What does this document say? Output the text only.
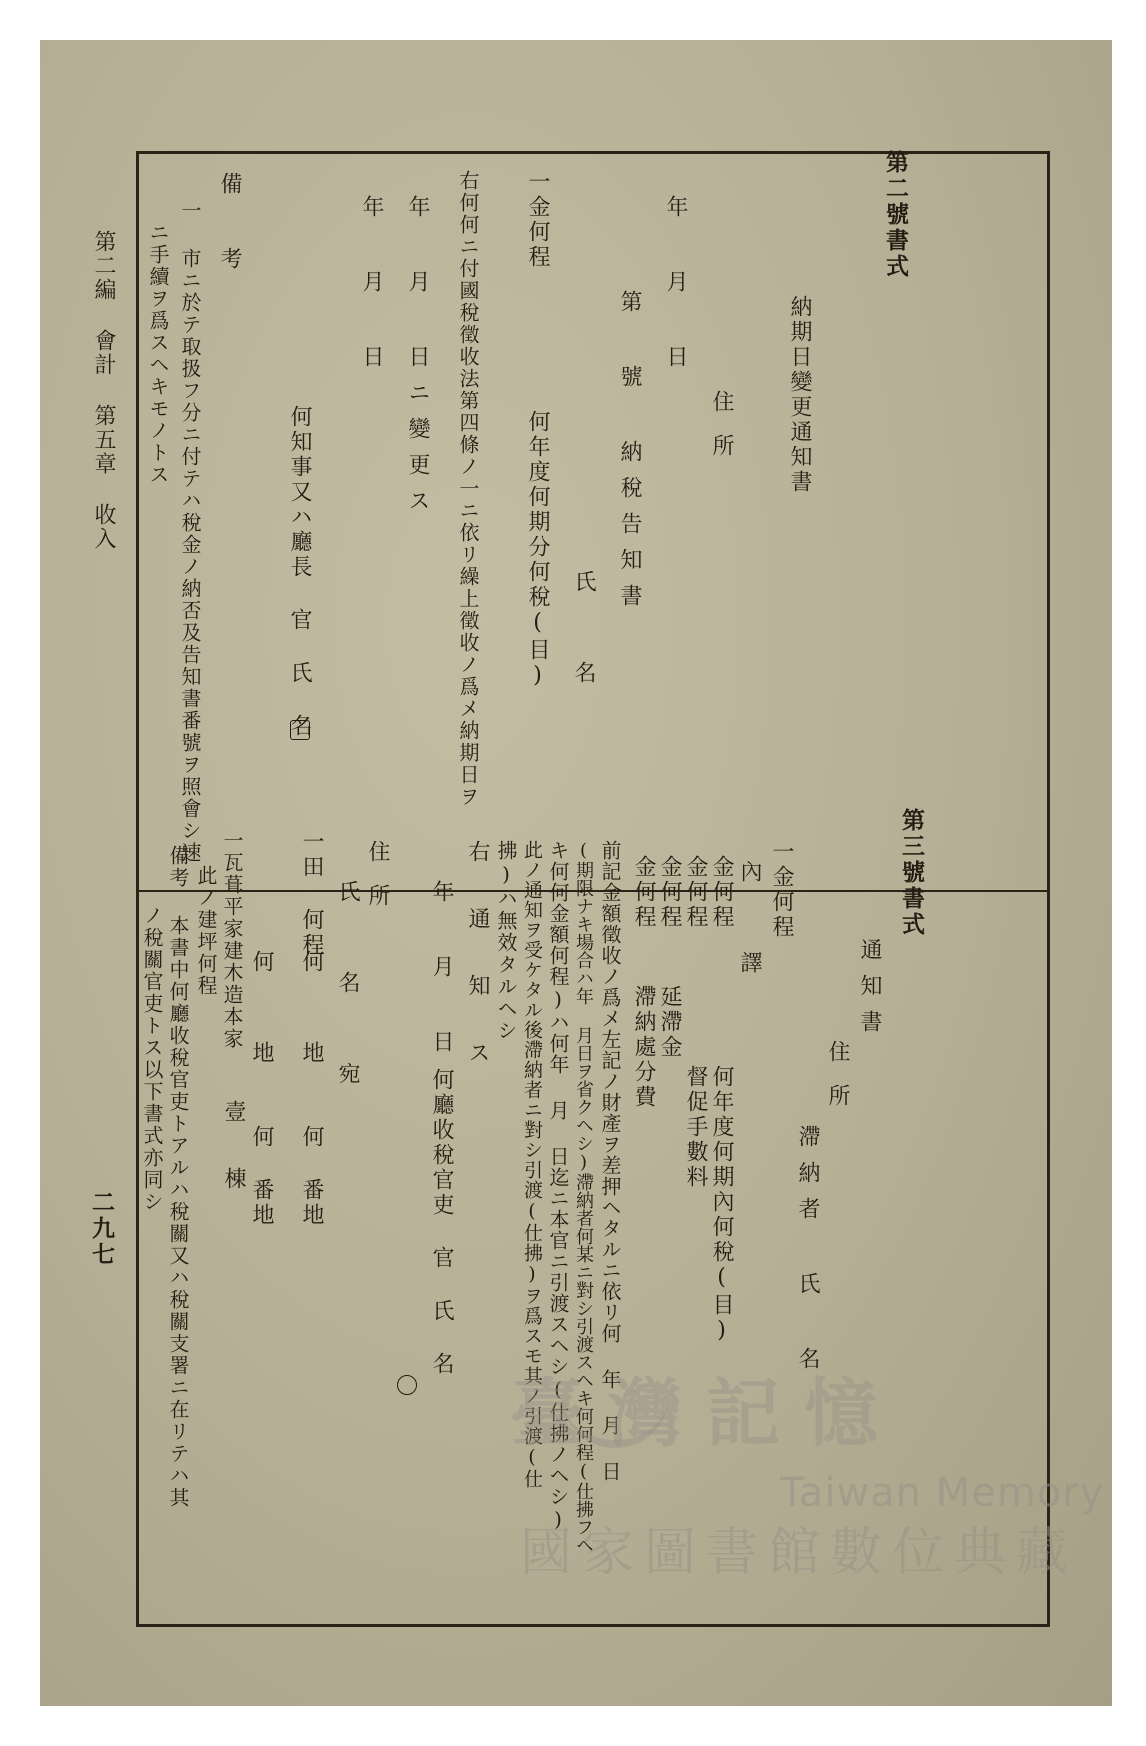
第二號書式
納期日變更通知書
住所
年 月 日
第 號 納稅告知書
氏 名
一金何程
何年度何期分何稅(目)
右何何ニ付國稅徵收法第四條ノ一ニ依リ繰上徵收ノ爲メ納期日ヲ
年 月 日ニ變更ス
年 月 日
何知事又ハ廳長 官 氏 名
備 考
一 市ニ於テ取扱フ分ニ付テハ稅金ノ納否及告知書番號ヲ照會シ速
ニ手續ヲ爲スヘキモノトス
第三號書式
通知書
住所
滯納者 氏 名
一金何程
內 譯
金何程
何年度何期內何稅(目)
金何程
督促手數料
金何程
延滯金
金何程
滯納處分費
前記金額徵收ノ爲メ左記ノ財產ヲ差押ヘタルニ依リ何 年 月 日
(期限ナキ場合ハ年 月日ヲ省クヘシ)滯納者何某ニ對シ引渡スヘキ何何程(仕拂フヘ
キ何何金額何程)ハ何年 月 日迄ニ本官ニ引渡スヘシ(仕拂ノヘシ)
此ノ通知ヲ受ケタル後滯納者ニ對シ引渡(仕拂)ヲ爲スモ其ノ引渡(仕
拂)ハ無效タルヘシ
右 通 知 ス
年 月 日
何廳收稅官吏 官 氏 名
住所
氏 名 宛
一田 何程
何 地
何 番地
一瓦葺平家建木造本家 何 地
何 番地
此ノ建坪何程
壹 棟
備考 本書中何廳收稅官吏トアルハ稅關又ハ稅關支署ニ在リテハ其
ノ稅關官吏トス以下書式亦同シ
第二編 會計 第五章 收入
二九七
臺灣記憶
Taiwan Memory
國家圖書館數位典藏
